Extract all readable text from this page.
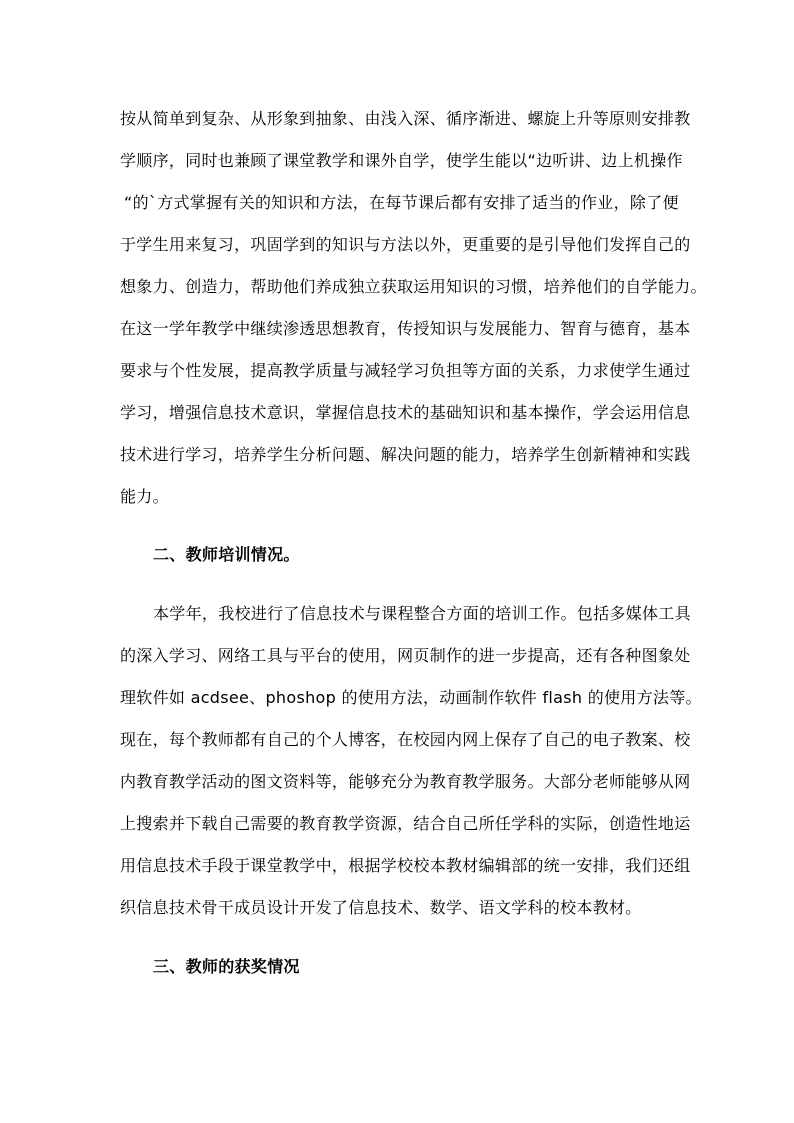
按从简单到复杂、从形象到抽象、由浅入深、循序渐进、螺旋上升等原则安排教
学顺序，同时也兼顾了课堂教学和课外自学，使学生能以“边听讲、边上机操作
“的`方式掌握有关的知识和方法，在每节课后都有安排了适当的作业，除了便
于学生用来复习，巩固学到的知识与方法以外，更重要的是引导他们发挥自己的
想象力、创造力，帮助他们养成独立获取运用知识的习惯，培养他们的自学能力。
在这一学年教学中继续渗透思想教育，传授知识与发展能力、智育与德育，基本
要求与个性发展，提高教学质量与减轻学习负担等方面的关系，力求使学生通过
学习，增强信息技术意识，掌握信息技术的基础知识和基本操作，学会运用信息
技术进行学习，培养学生分析问题、解决问题的能力，培养学生创新精神和实践
能力。
二、教师培训情况。
本学年，我校进行了信息技术与课程整合方面的培训工作。包括多媒体工具
的深入学习、网络工具与平台的使用，网页制作的进一步提高，还有各种图象处
理软件如 acdsee、phoshop 的使用方法，动画制作软件 flash 的使用方法等。
现在，每个教师都有自己的个人博客，在校园内网上保存了自己的电子教案、校
内教育教学活动的图文资料等，能够充分为教育教学服务。大部分老师能够从网
上搜索并下载自己需要的教育教学资源，结合自己所任学科的实际，创造性地运
用信息技术手段于课堂教学中，根据学校校本教材编辑部的统一安排，我们还组
织信息技术骨干成员设计开发了信息技术、数学、语文学科的校本教材。
三、教师的获奖情况
